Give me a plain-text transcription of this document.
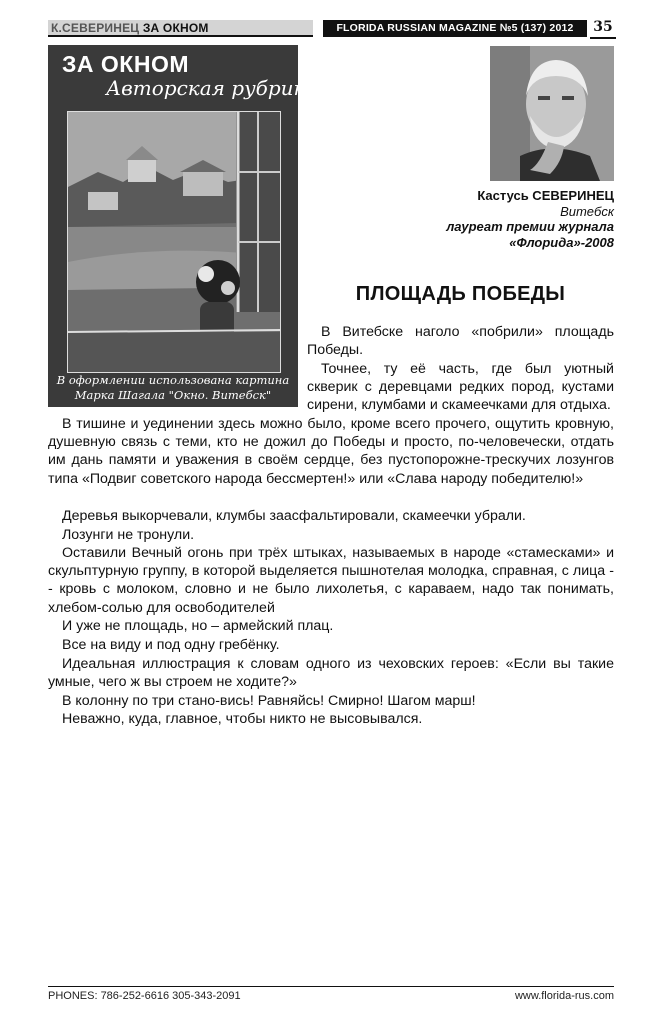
К.СЕВЕРИНЕЦ ЗА ОКНОМ	FLORIDA RUSSIAN MAGAZINE №5 (137) 2012	35
ЗА ОКНОМ
Авторская рубрика
В оформлении использована картина
Марка Шагала "Окно. Витебск"
Кастусь СЕВЕРИНЕЦ
Витебск
лауреат премии журнала
«Флорида»-2008
ПЛОЩАДЬ ПОБЕДЫ

В Витебске наголо «побрили» площадь Победы.

Точнее, ту её часть, где был уютный скверик с деревцами редких пород, кустами сирени, клумбами и скамеечками для отдыха.

В тишине и уединении здесь можно было, кроме всего прочего, ощутить кровную, душевную связь с теми, кто не дожил до Победы и просто, по-человечески, отдать им дань памяти и уважения в своём сердце, без пустопорожне-трескучих лозунгов типа «Подвиг советского народа бессмертен!» или «Слава народу победителю!»

Деревья выкорчевали, клумбы заасфальтировали, скамеечки убрали.

Лозунги не тронули.

Оставили Вечный огонь при трёх штыках, называемых в народе «стамесками» и скульптурную группу, в которой выделяется пышнотелая молодка, справная, с лица -- кровь с молоком, словно и не было лихолетья, с караваем, надо так понимать, хлебом-солью для освободителей

И уже не площадь, но – армейский плац.

Все на виду и под одну гребёнку.

Идеальная иллюстрация к словам одного из чеховских героев: «Если вы такие умные, чего ж вы строем не ходите?»

В колонну по три стано-вись! Равняйсь! Смирно! Шагом марш!

Неважно, куда, главное, чтобы никто не высовывался.

PHONES: 786-252-6616 305-343-2091	www.florida-rus.com
